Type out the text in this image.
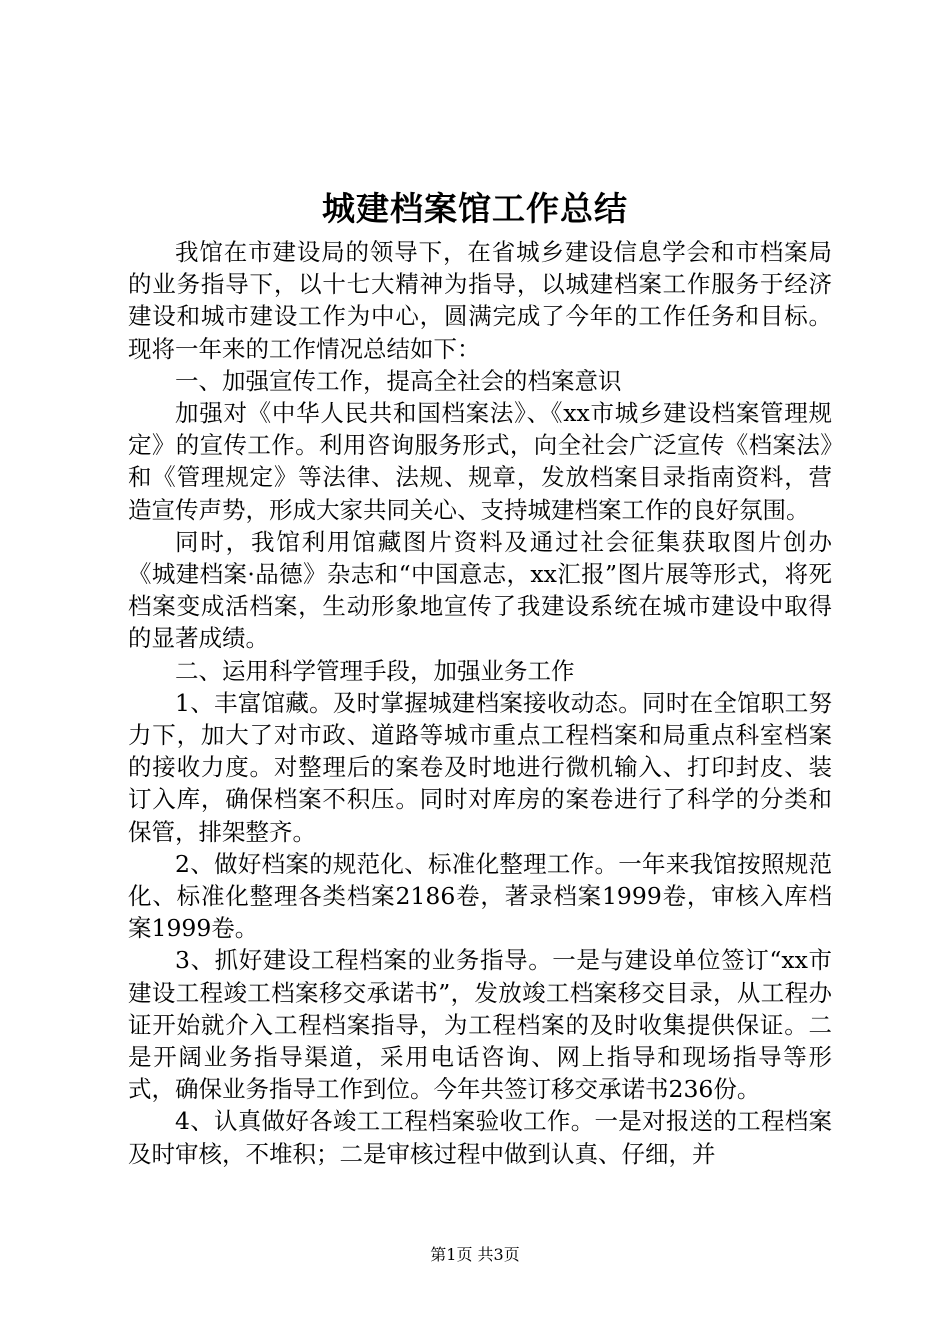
城建档案馆工作总结

我馆在市建设局的领导下，在省城乡建设信息学会和市档案局的业务指导下，以十七大精神为指导，以城建档案工作服务于经济建设和城市建设工作为中心，圆满完成了今年的工作任务和目标。现将一年来的工作情况总结如下：

一、加强宣传工作，提高全社会的档案意识

加强对《中华人民共和国档案法》、《xx市城乡建设档案管理规定》的宣传工作。利用咨询服务形式，向全社会广泛宣传《档案法》和《管理规定》等法律、法规、规章，发放档案目录指南资料，营造宣传声势，形成大家共同关心、支持城建档案工作的良好氛围。

同时，我馆利用馆藏图片资料及通过社会征集获取图片创办《城建档案·品德》杂志和“中国意志，xx汇报”图片展等形式，将死档案变成活档案，生动形象地宣传了我建设系统在城市建设中取得的显著成绩。

二、运用科学管理手段，加强业务工作

1、丰富馆藏。及时掌握城建档案接收动态。同时在全馆职工努力下，加大了对市政、道路等城市重点工程档案和局重点科室档案的接收力度。对整理后的案卷及时地进行微机输入、打印封皮、装订入库，确保档案不积压。同时对库房的案卷进行了科学的分类和保管，排架整齐。

2、做好档案的规范化、标准化整理工作。一年来我馆按照规范化、标准化整理各类档案2186卷，著录档案1999卷，审核入库档案1999卷。

3、抓好建设工程档案的业务指导。一是与建设单位签订“xx市建设工程竣工档案移交承诺书”，发放竣工档案移交目录，从工程办证开始就介入工程档案指导，为工程档案的及时收集提供保证。二是开阔业务指导渠道，采用电话咨询、网上指导和现场指导等形式，确保业务指导工作到位。今年共签订移交承诺书236份。

4、认真做好各竣工工程档案验收工作。一是对报送的工程档案及时审核，不堆积；二是审核过程中做到认真、仔细，并

第1页 共3页
